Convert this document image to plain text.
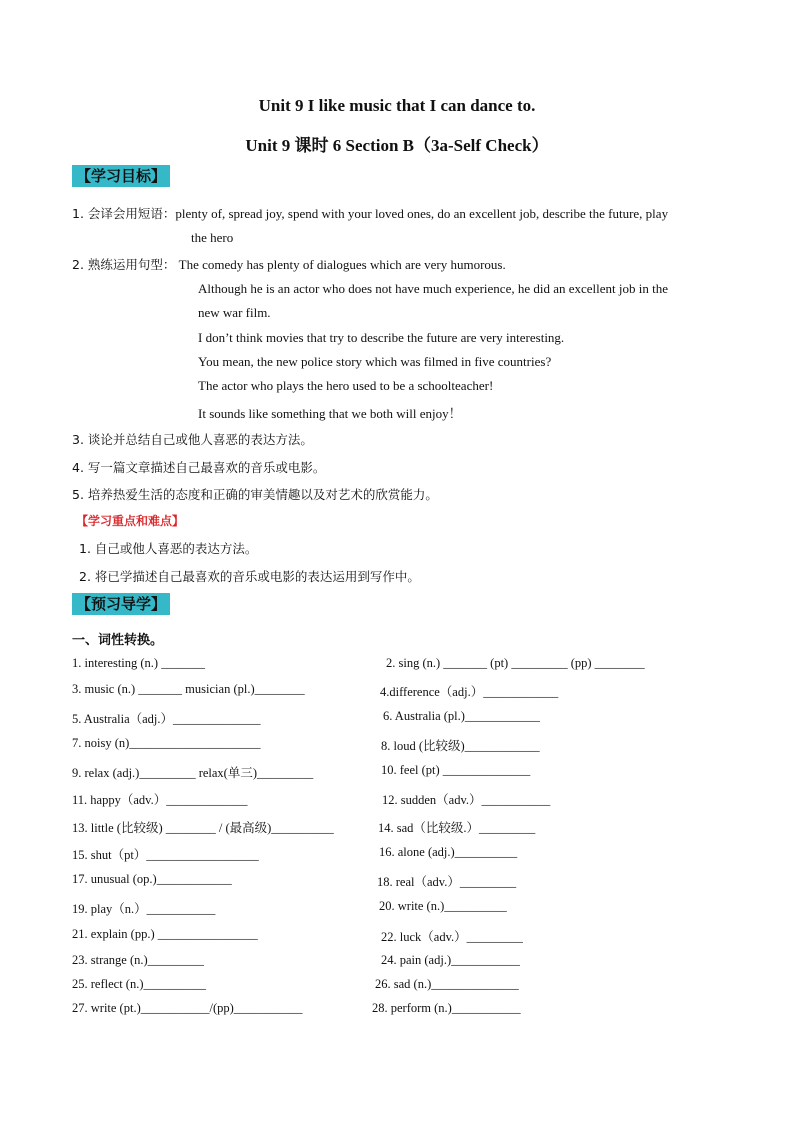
Unit 9 I like music that I can dance to.
Unit 9 课时 6 Section B（3a-Self Check）
【学习目标】
1. 会译会用短语：plenty of, spread joy, spend with your loved ones, do an excellent job, describe the future, play
the hero
2. 熟练运用句型： The comedy has plenty of dialogues which are very humorous.
Although he is an actor who does not have much experience, he did an excellent job in the
new war film.
I don’t think movies that try to describe the future are very interesting.
You mean, the new police story which was filmed in five countries?
The actor who plays the hero used to be a schoolteacher!
It sounds like something that we both will enjoy！
3. 谈论并总结自己或他人喜恶的表达方法。
4. 写一篇文章描述自己最喜欢的音乐或电影。
5. 培养热爱生活的态度和正确的审美情趣以及对艺术的欣赏能力。
【学习重点和难点】
1. 自己或他人喜恶的表达方法。
2. 将已学描述自己最喜欢的音乐或电影的表达运用到写作中。
【预习导学】
一、词性转换。
1. interesting (n.) _______	2. sing (n.) _______ (pt) _________ (pp) ________
3. music (n.) _______ musician (pl.)________	4.difference（adj.）____________
5. Australia（adj.）______________	6. Australia (pl.)____________
7. noisy (n)_____________________	8. loud (比较级)____________
9. relax (adj.)_________ relax(单三)_________	10. feel (pt) ______________
11. happy（adv.）_____________	12. sudden（adv.）___________
13. little (比较级) ________ / (最高级)__________	14. sad（比较级.）_________
15. shut（pt）__________________	16. alone (adj.)__________
17. unusual (op.)____________	18. real（adv.）_________
19. play（n.）___________	20. write (n.)__________
21. explain (pp.) ________________	22. luck（adv.）_________
23. strange (n.)_________	24. pain (adj.)___________
25. reflect (n.)__________	26. sad (n.)______________
27. write (pt.)___________/(pp)___________	28. perform (n.)___________
